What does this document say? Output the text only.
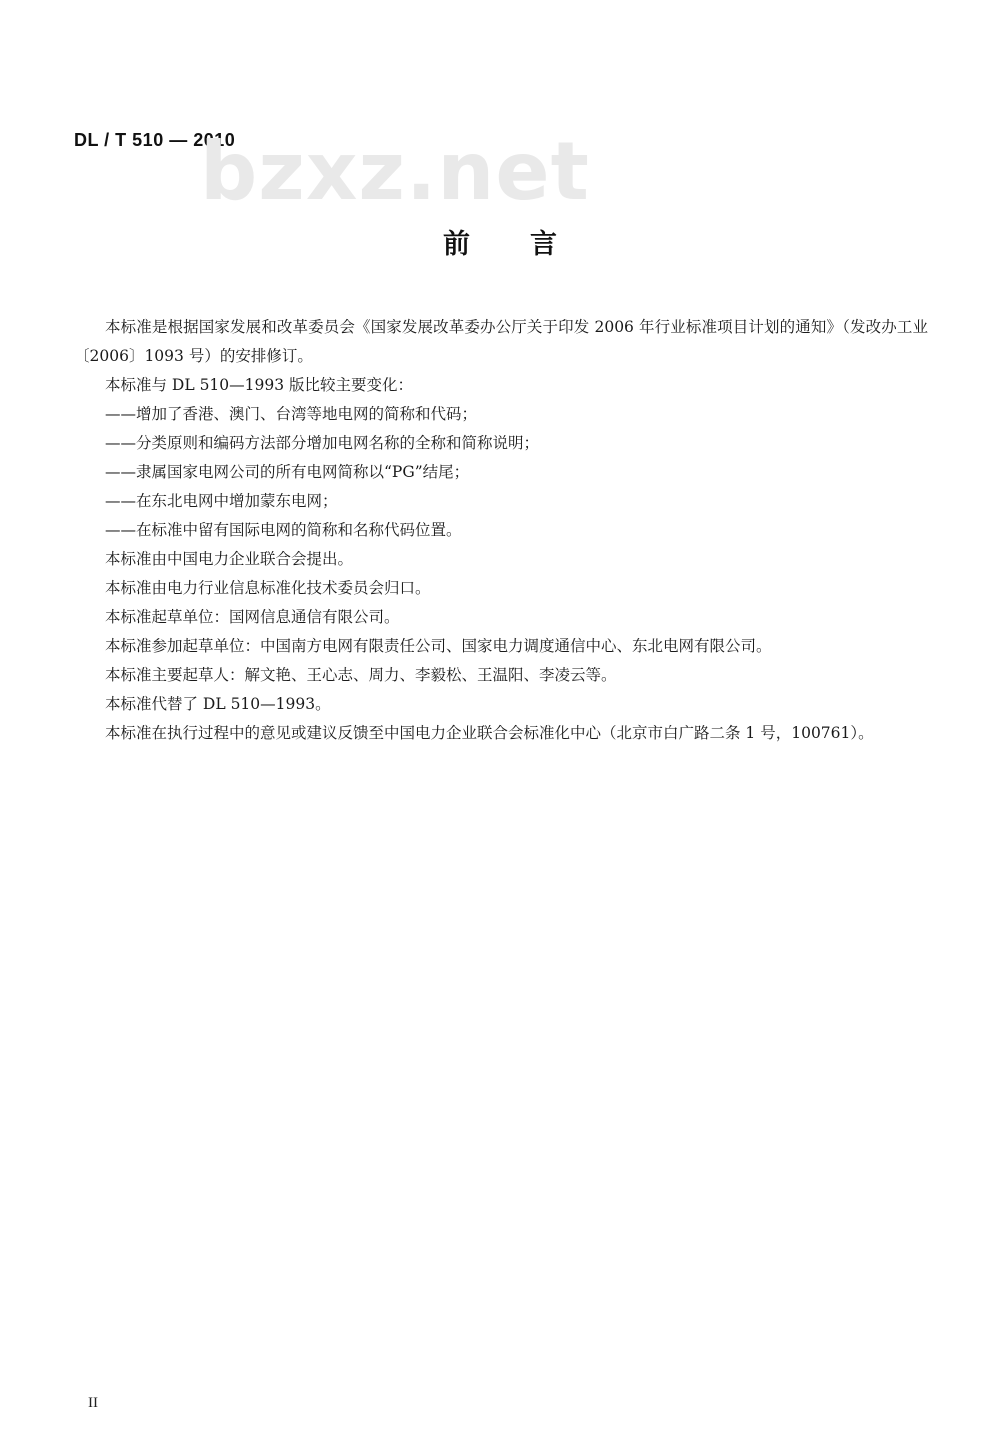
DL / T 510 — 2010
bzxz.net
前言

本标准是根据国家发展和改革委员会《国家发展改革委办公厅关于印发 2006 年行业标准项目计划的通知》（发改办工业〔2006〕1093 号）的安排修订。

本标准与 DL 510—1993 版比较主要变化：

——增加了香港、澳门、台湾等地电网的简称和代码；

——分类原则和编码方法部分增加电网名称的全称和简称说明；

——隶属国家电网公司的所有电网简称以“PG”结尾；

——在东北电网中增加蒙东电网；

——在标准中留有国际电网的简称和名称代码位置。

本标准由中国电力企业联合会提出。

本标准由电力行业信息标准化技术委员会归口。

本标准起草单位：国网信息通信有限公司。

本标准参加起草单位：中国南方电网有限责任公司、国家电力调度通信中心、东北电网有限公司。

本标准主要起草人：解文艳、王心志、周力、李毅松、王温阳、李凌云等。

本标准代替了 DL 510—1993。

本标准在执行过程中的意见或建议反馈至中国电力企业联合会标准化中心（北京市白广路二条 1 号，100761）。

II
